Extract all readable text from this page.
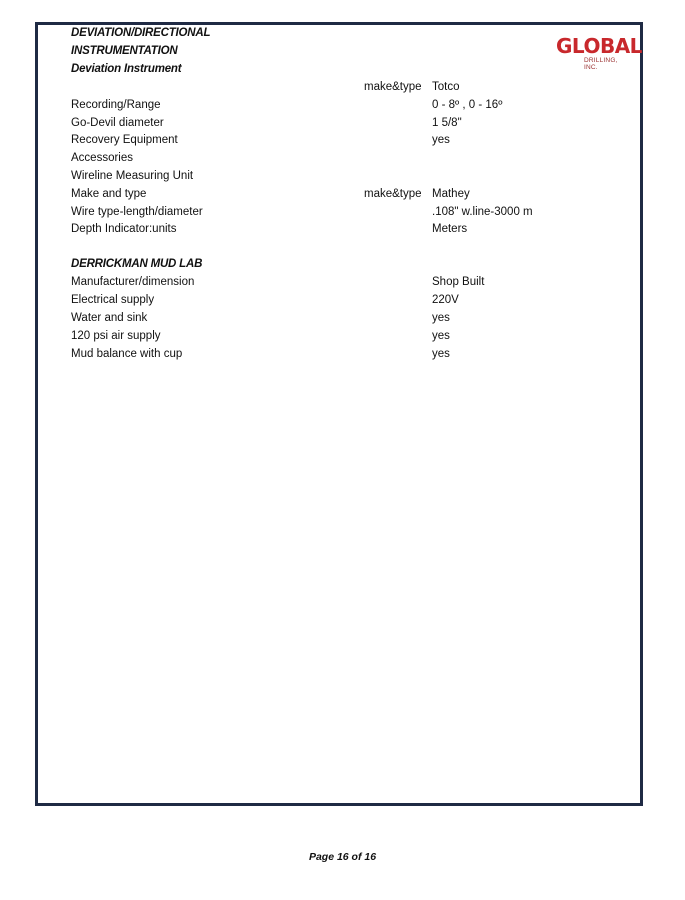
GLOBAL
DRILLING, INC.
DEVIATION/DIRECTIONAL
INSTRUMENTATION
Deviation Instrument
make&type Totco
Recording/Range	0 - 8º , 0 - 16º
Go-Devil diameter	1 5/8"
Recovery Equipment	yes
Accessories
Wireline Measuring Unit
Make and type	make&type Mathey
Wire type-length/diameter	.108" w.line-3000 m
Depth Indicator:units	Meters
DERRICKMAN MUD LAB
Manufacturer/dimension	Shop Built
Electrical supply	220V
Water and sink	yes
120 psi air supply	yes
Mud balance with cup	yes
Page 16 of 16
